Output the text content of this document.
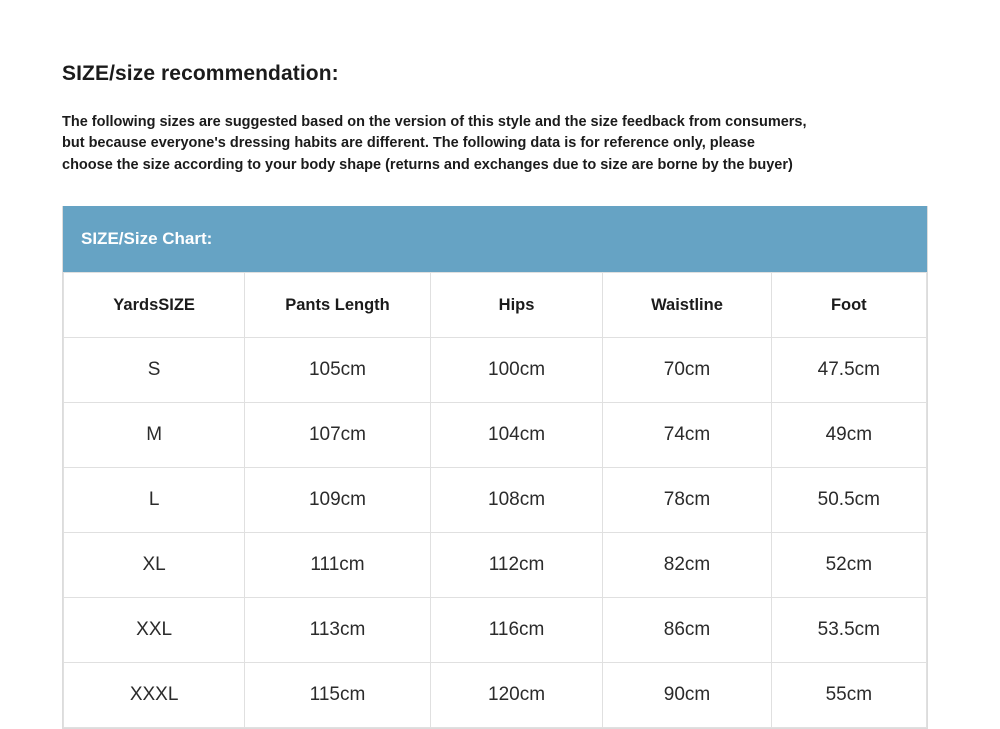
SIZE/size recommendation:

The following sizes are suggested based on the version of this style and the size feedback from consumers,
but because everyone's dressing habits are different. The following data is for reference only, please
choose the size according to your body shape (returns and exchanges due to size are borne by the buyer)

SIZE/Size Chart:
YardsSIZE	Pants Length	Hips	Waistline	Foot
S	105cm	100cm	70cm	47.5cm
M	107cm	104cm	74cm	49cm
L	109cm	108cm	78cm	50.5cm
XL	111cm	112cm	82cm	52cm
XXL	113cm	116cm	86cm	53.5cm
XXXL	115cm	120cm	90cm	55cm
